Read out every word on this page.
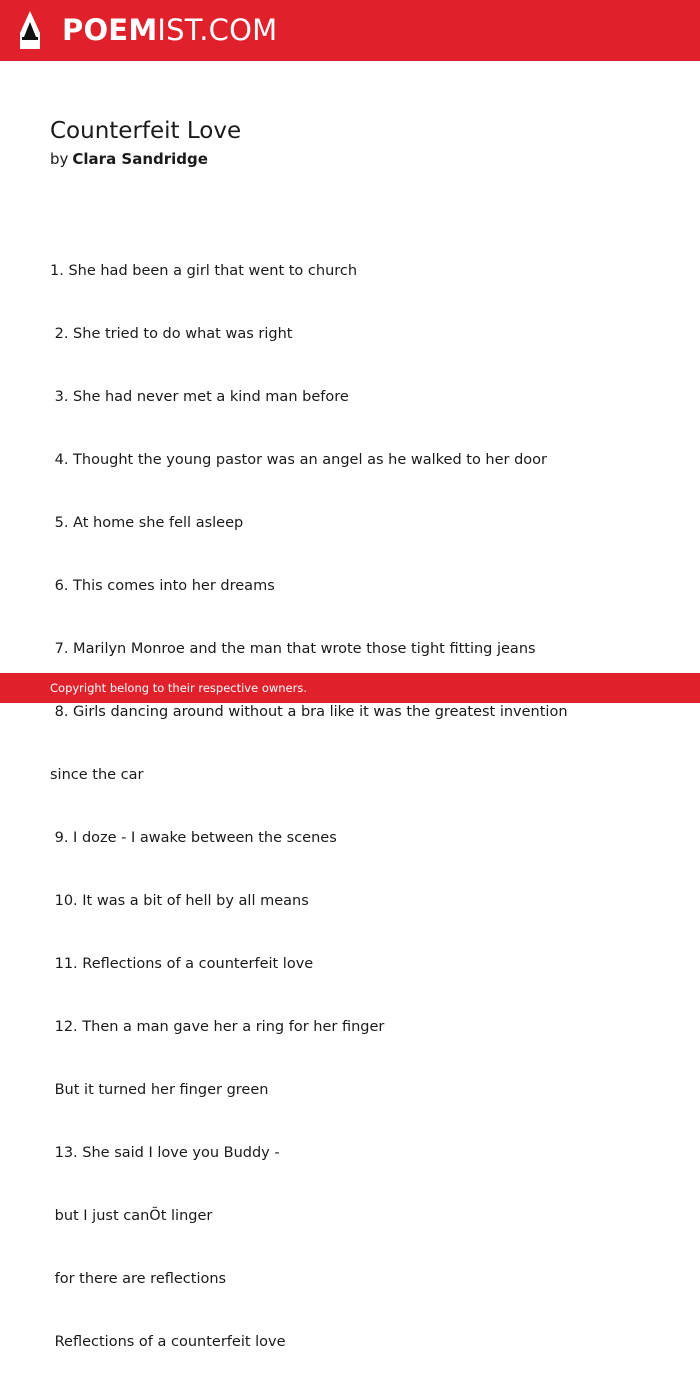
POEMIST.COM
Counterfeit Love
by Clara Sandridge

1. She had been a girl that went to church

2. She tried to do what was right

3. She had never met a kind man before

4. Thought the young pastor was an angel as he walked to her door

5. At home she fell asleep

6. This comes into her dreams

7. Marilyn Monroe and the man that wrote those tight fitting jeans

8. Girls dancing around without a bra like it was the greatest invention

since the car

9. I doze - I awake between the scenes

10. It was a bit of hell by all means

11. Reflections of a counterfeit love

12. Then a man gave her a ring for her finger

But it turned her finger green

13. She said I love you Buddy -

but I just canÕt linger

for there are reflections

Reflections of a counterfeit love

Copyright belong to their respective owners.
